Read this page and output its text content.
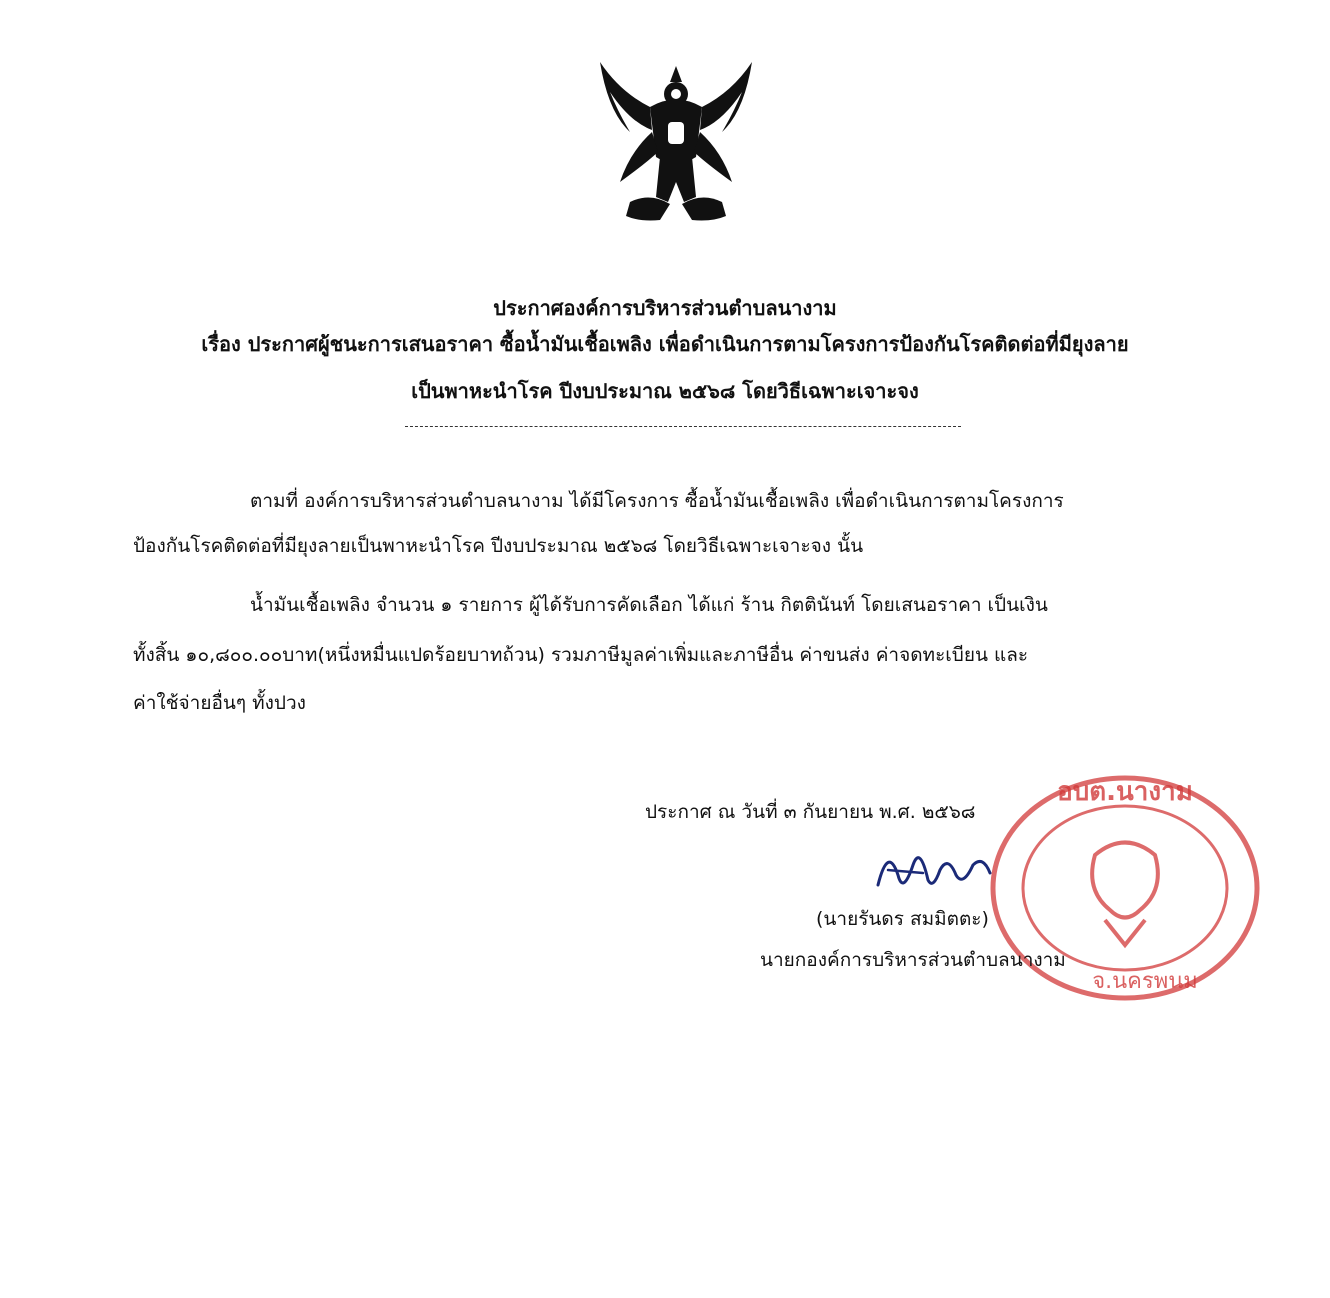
ประกาศองค์การบริหารส่วนตำบลนางาม
เรื่อง ประกาศผู้ชนะการเสนอราคา ซื้อน้ำมันเชื้อเพลิง เพื่อดำเนินการตามโครงการป้องกันโรคติดต่อที่มียุงลาย
เป็นพาหะนำโรค ปีงบประมาณ ๒๕๖๘ โดยวิธีเฉพาะเจาะจง
ตามที่ องค์การบริหารส่วนตำบลนางาม ได้มีโครงการ ซื้อน้ำมันเชื้อเพลิง เพื่อดำเนินการตามโครงการ
ป้องกันโรคติดต่อที่มียุงลายเป็นพาหะนำโรค ปีงบประมาณ ๒๕๖๘ โดยวิธีเฉพาะเจาะจง นั้น
น้ำมันเชื้อเพลิง จำนวน ๑ รายการ ผู้ได้รับการคัดเลือก ได้แก่ ร้าน กิตตินันท์ โดยเสนอราคา เป็นเงิน
ทั้งสิ้น ๑๐,๘๐๐.๐๐บาท(หนึ่งหมื่นแปดร้อยบาทถ้วน) รวมภาษีมูลค่าเพิ่มและภาษีอื่น ค่าขนส่ง ค่าจดทะเบียน และ
ค่าใช้จ่ายอื่นๆ ทั้งปวง
อบต.นางาม
จ.นครพนม
ประกาศ ณ วันที่ ๓ กันยายน พ.ศ. ๒๕๖๘
(นายรันดร สมมิตตะ)
นายกองค์การบริหารส่วนตำบลนางาม
